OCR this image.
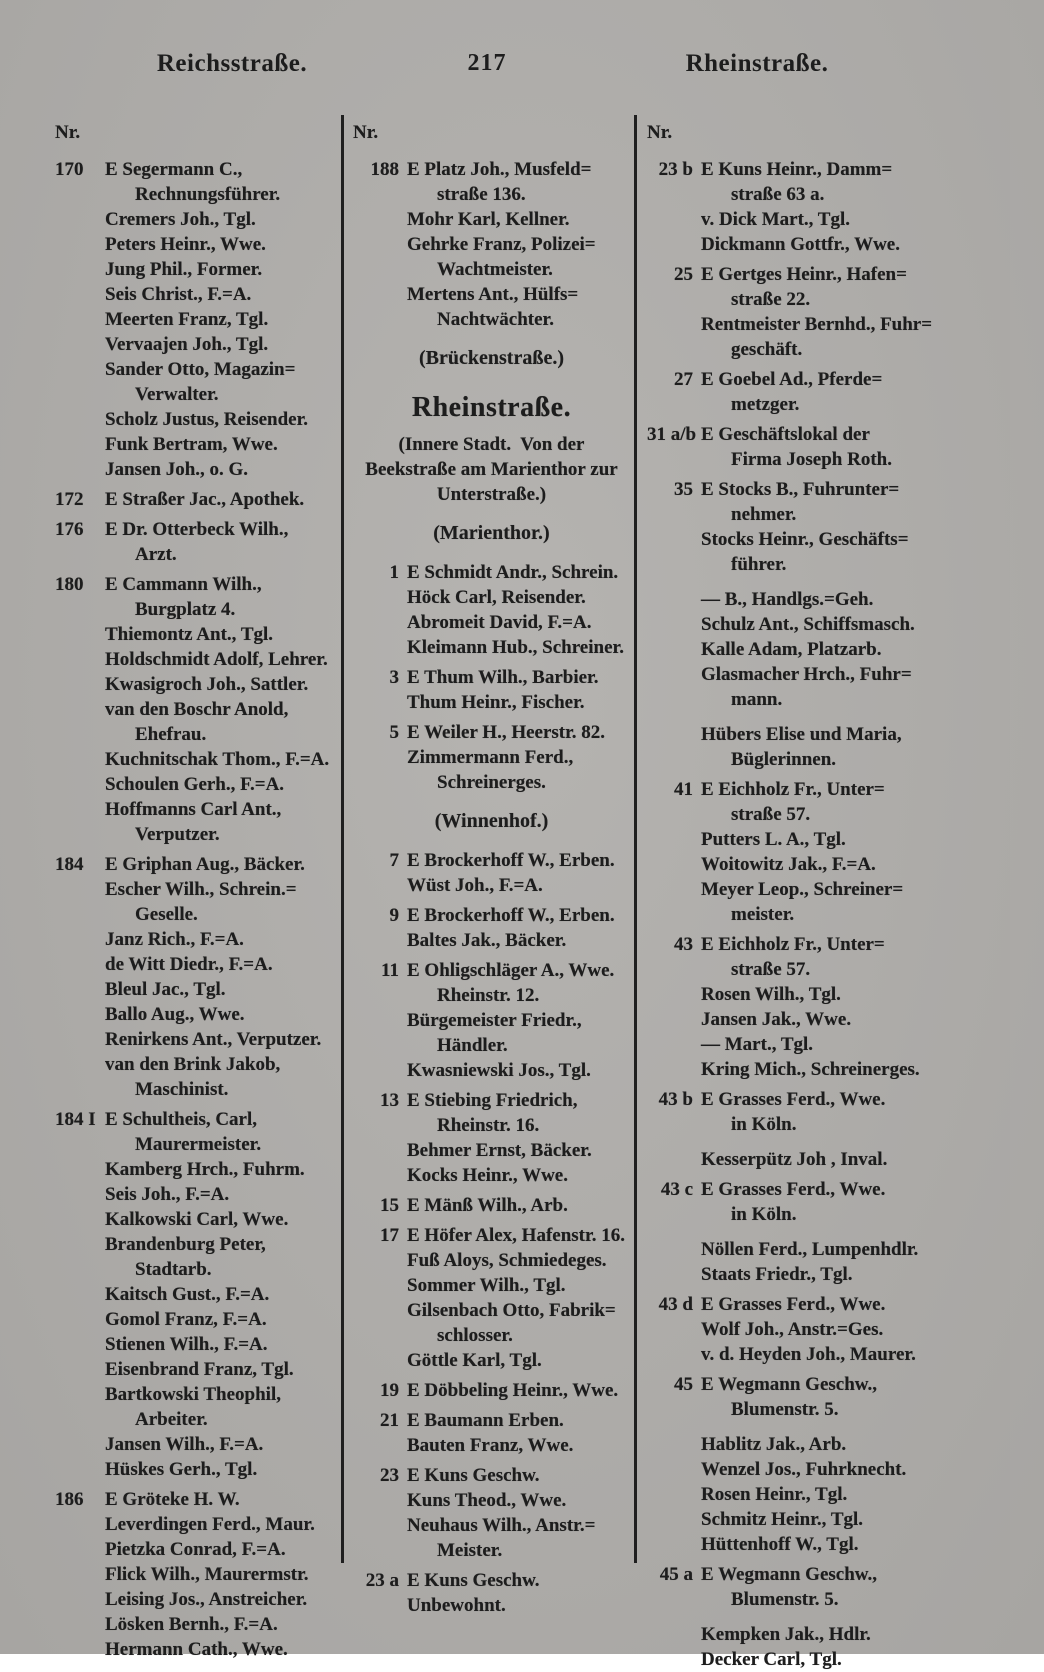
Reichsstraße.	217	Rheinstraße.
Nr.
170	E Segermann C.,
Rechnungsführer.
Cremers Joh., Tgl.
Peters Heinr., Wwe.
Jung Phil., Former.
Seis Christ., F.=A.
Meerten Franz, Tgl.
Vervaajen Joh., Tgl.
Sander Otto, Magazin=
Verwalter.
Scholz Justus, Reisender.
Funk Bertram, Wwe.
Jansen Joh., o. G.
172	E Straßer Jac., Apothek.
176	E Dr. Otterbeck Wilh.,
Arzt.
180	E Cammann Wilh.,
Burgplatz 4.
Thiemontz Ant., Tgl.
Holdschmidt Adolf, Lehrer.
Kwasigroch Joh., Sattler.
van den Boschr Anold,
Ehefrau.
Kuchnitschak Thom., F.=A.
Schoulen Gerh., F.=A.
Hoffmanns Carl Ant.,
Verputzer.
184	E Griphan Aug., Bäcker.
Escher Wilh., Schrein.=
Geselle.
Janz Rich., F.=A.
de Witt Diedr., F.=A.
Bleul Jac., Tgl.
Ballo Aug., Wwe.
Renirkens Ant., Verputzer.
van den Brink Jakob,
Maschinist.
184 I E Schultheis, Carl,
Maurermeister.
Kamberg Hrch., Fuhrm.
Seis Joh., F.=A.
Kalkowski Carl, Wwe.
Brandenburg Peter,
Stadtarb.
Kaitsch Gust., F.=A.
Gomol Franz, F.=A.
Stienen Wilh., F.=A.
Eisenbrand Franz, Tgl.
Bartkowski Theophil,
Arbeiter.
Jansen Wilh., F.=A.
Hüskes Gerh., Tgl.
186	E Gröteke H. W.
Leverdingen Ferd., Maur.
Pietzka Conrad, F.=A.
Flick Wilh., Maurermstr.
Leising Jos., Anstreicher.
Lösken Bernh., F.=A.
Hermann Cath., Wwe.
Nr.
188 E Platz Joh., Musfeld=
straße 136.
Mohr Karl, Kellner.
Gehrke Franz, Polizei=
Wachtmeister.
Mertens Ant., Hülfs=
Nachtwächter.
(Brückenstraße.)
Rheinstraße.
(Innere Stadt.  Von der
Beekstraße am Marienthor zur
Unterstraße.)
(Marienthor.)
1 E Schmidt Andr., Schrein.
Höck Carl, Reisender.
Abromeit David, F.=A.
Kleimann Hub., Schreiner.
3 E Thum Wilh., Barbier.
Thum Heinr., Fischer.
5 E Weiler H., Heerstr. 82.
Zimmermann Ferd.,
Schreinerges.
(Winnenhof.)
7 E Brockerhoff W., Erben.
Wüst Joh., F.=A.
9 E Brockerhoff W., Erben.
Baltes Jak., Bäcker.
11 E Ohligschläger A., Wwe.
Rheinstr. 12.
Bürgemeister Friedr.,
Händler.
Kwasniewski Jos., Tgl.
13 E Stiebing Friedrich,
Rheinstr. 16.
Behmer Ernst, Bäcker.
Kocks Heinr., Wwe.
15 E Mänß Wilh., Arb.
17 E Höfer Alex, Hafenstr. 16.
Fuß Aloys, Schmiedeges.
Sommer Wilh., Tgl.
Gilsenbach Otto, Fabrik=
schlosser.
Göttle Karl, Tgl.
19 E Döbbeling Heinr., Wwe.
21 E Baumann Erben.
Bauten Franz, Wwe.
23 E Kuns Geschw.
Kuns Theod., Wwe.
Neuhaus Wilh., Anstr.=
Meister.
23 a E Kuns Geschw.
Unbewohnt.
Nr.
23 b E Kuns Heinr., Damm=
straße 63 a.
v. Dick Mart., Tgl.
Dickmann Gottfr., Wwe.
25 E Gertges Heinr., Hafen=
straße 22.
Rentmeister Bernhd., Fuhr=
geschäft.
27 E Goebel Ad., Pferde=
metzger.
31 a/b E Geschäftslokal der
Firma Joseph Roth.
35 E Stocks B., Fuhrunter=
nehmer.
Stocks Heinr., Geschäfts=
führer.
— B., Handlgs.=Geh.
Schulz Ant., Schiffsmasch.
Kalle Adam, Platzarb.
Glasmacher Hrch., Fuhr=
mann.
Hübers Elise und Maria,
Büglerinnen.
41 E Eichholz Fr., Unter=
straße 57.
Putters L. A., Tgl.
Woitowitz Jak., F.=A.
Meyer Leop., Schreiner=
meister.
43 E Eichholz Fr., Unter=
straße 57.
Rosen Wilh., Tgl.
Jansen Jak., Wwe.
— Mart., Tgl.
Kring Mich., Schreinerges.
43 b E Grasses Ferd., Wwe.
in Köln.
Kesserpütz Joh , Inval.
43 c E Grasses Ferd., Wwe.
in Köln.
Nöllen Ferd., Lumpenhdlr.
Staats Friedr., Tgl.
43 d E Grasses Ferd., Wwe.
Wolf Joh., Anstr.=Ges.
v. d. Heyden Joh., Maurer.
45 E Wegmann Geschw.,
Blumenstr. 5.
Hablitz Jak., Arb.
Wenzel Jos., Fuhrknecht.
Rosen Heinr., Tgl.
Schmitz Heinr., Tgl.
Hüttenhoff W., Tgl.
45 a E Wegmann Geschw.,
Blumenstr. 5.
Kempken Jak., Hdlr.
Decker Carl, Tgl.
